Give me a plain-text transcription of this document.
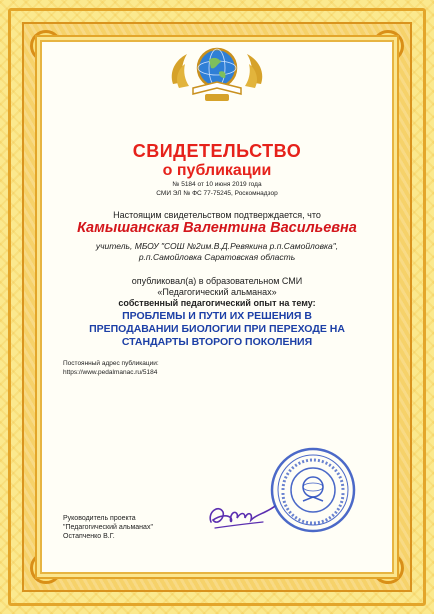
СВИДЕТЕЛЬСТВО
о публикации
№ 5184 от 10 июня 2019 года
СМИ ЭЛ № ФС 77-75245, Роскомнадзор
Настоящим свидетельством подтверждается, что
Камышанская Валентина Васильевна
учитель, МБОУ "СОШ №2им.В.Д.Ревякина р.п.Самойловка",
р.п.Самойловка Саратовская область
опубликовал(а) в образовательном СМИ
«Педагогический альманах»
собственный педагогический опыт на тему:
ПРОБЛЕМЫ И ПУТИ ИХ РЕШЕНИЯ В
ПРЕПОДАВАНИИ БИОЛОГИИ ПРИ ПЕРЕХОДЕ НА
СТАНДАРТЫ ВТОРОГО ПОКОЛЕНИЯ
Постоянный адрес публикации:
https://www.pedalmanac.ru/5184
Руководитель проекта
"Педагогический альманах"
Остапченко В.Г.
